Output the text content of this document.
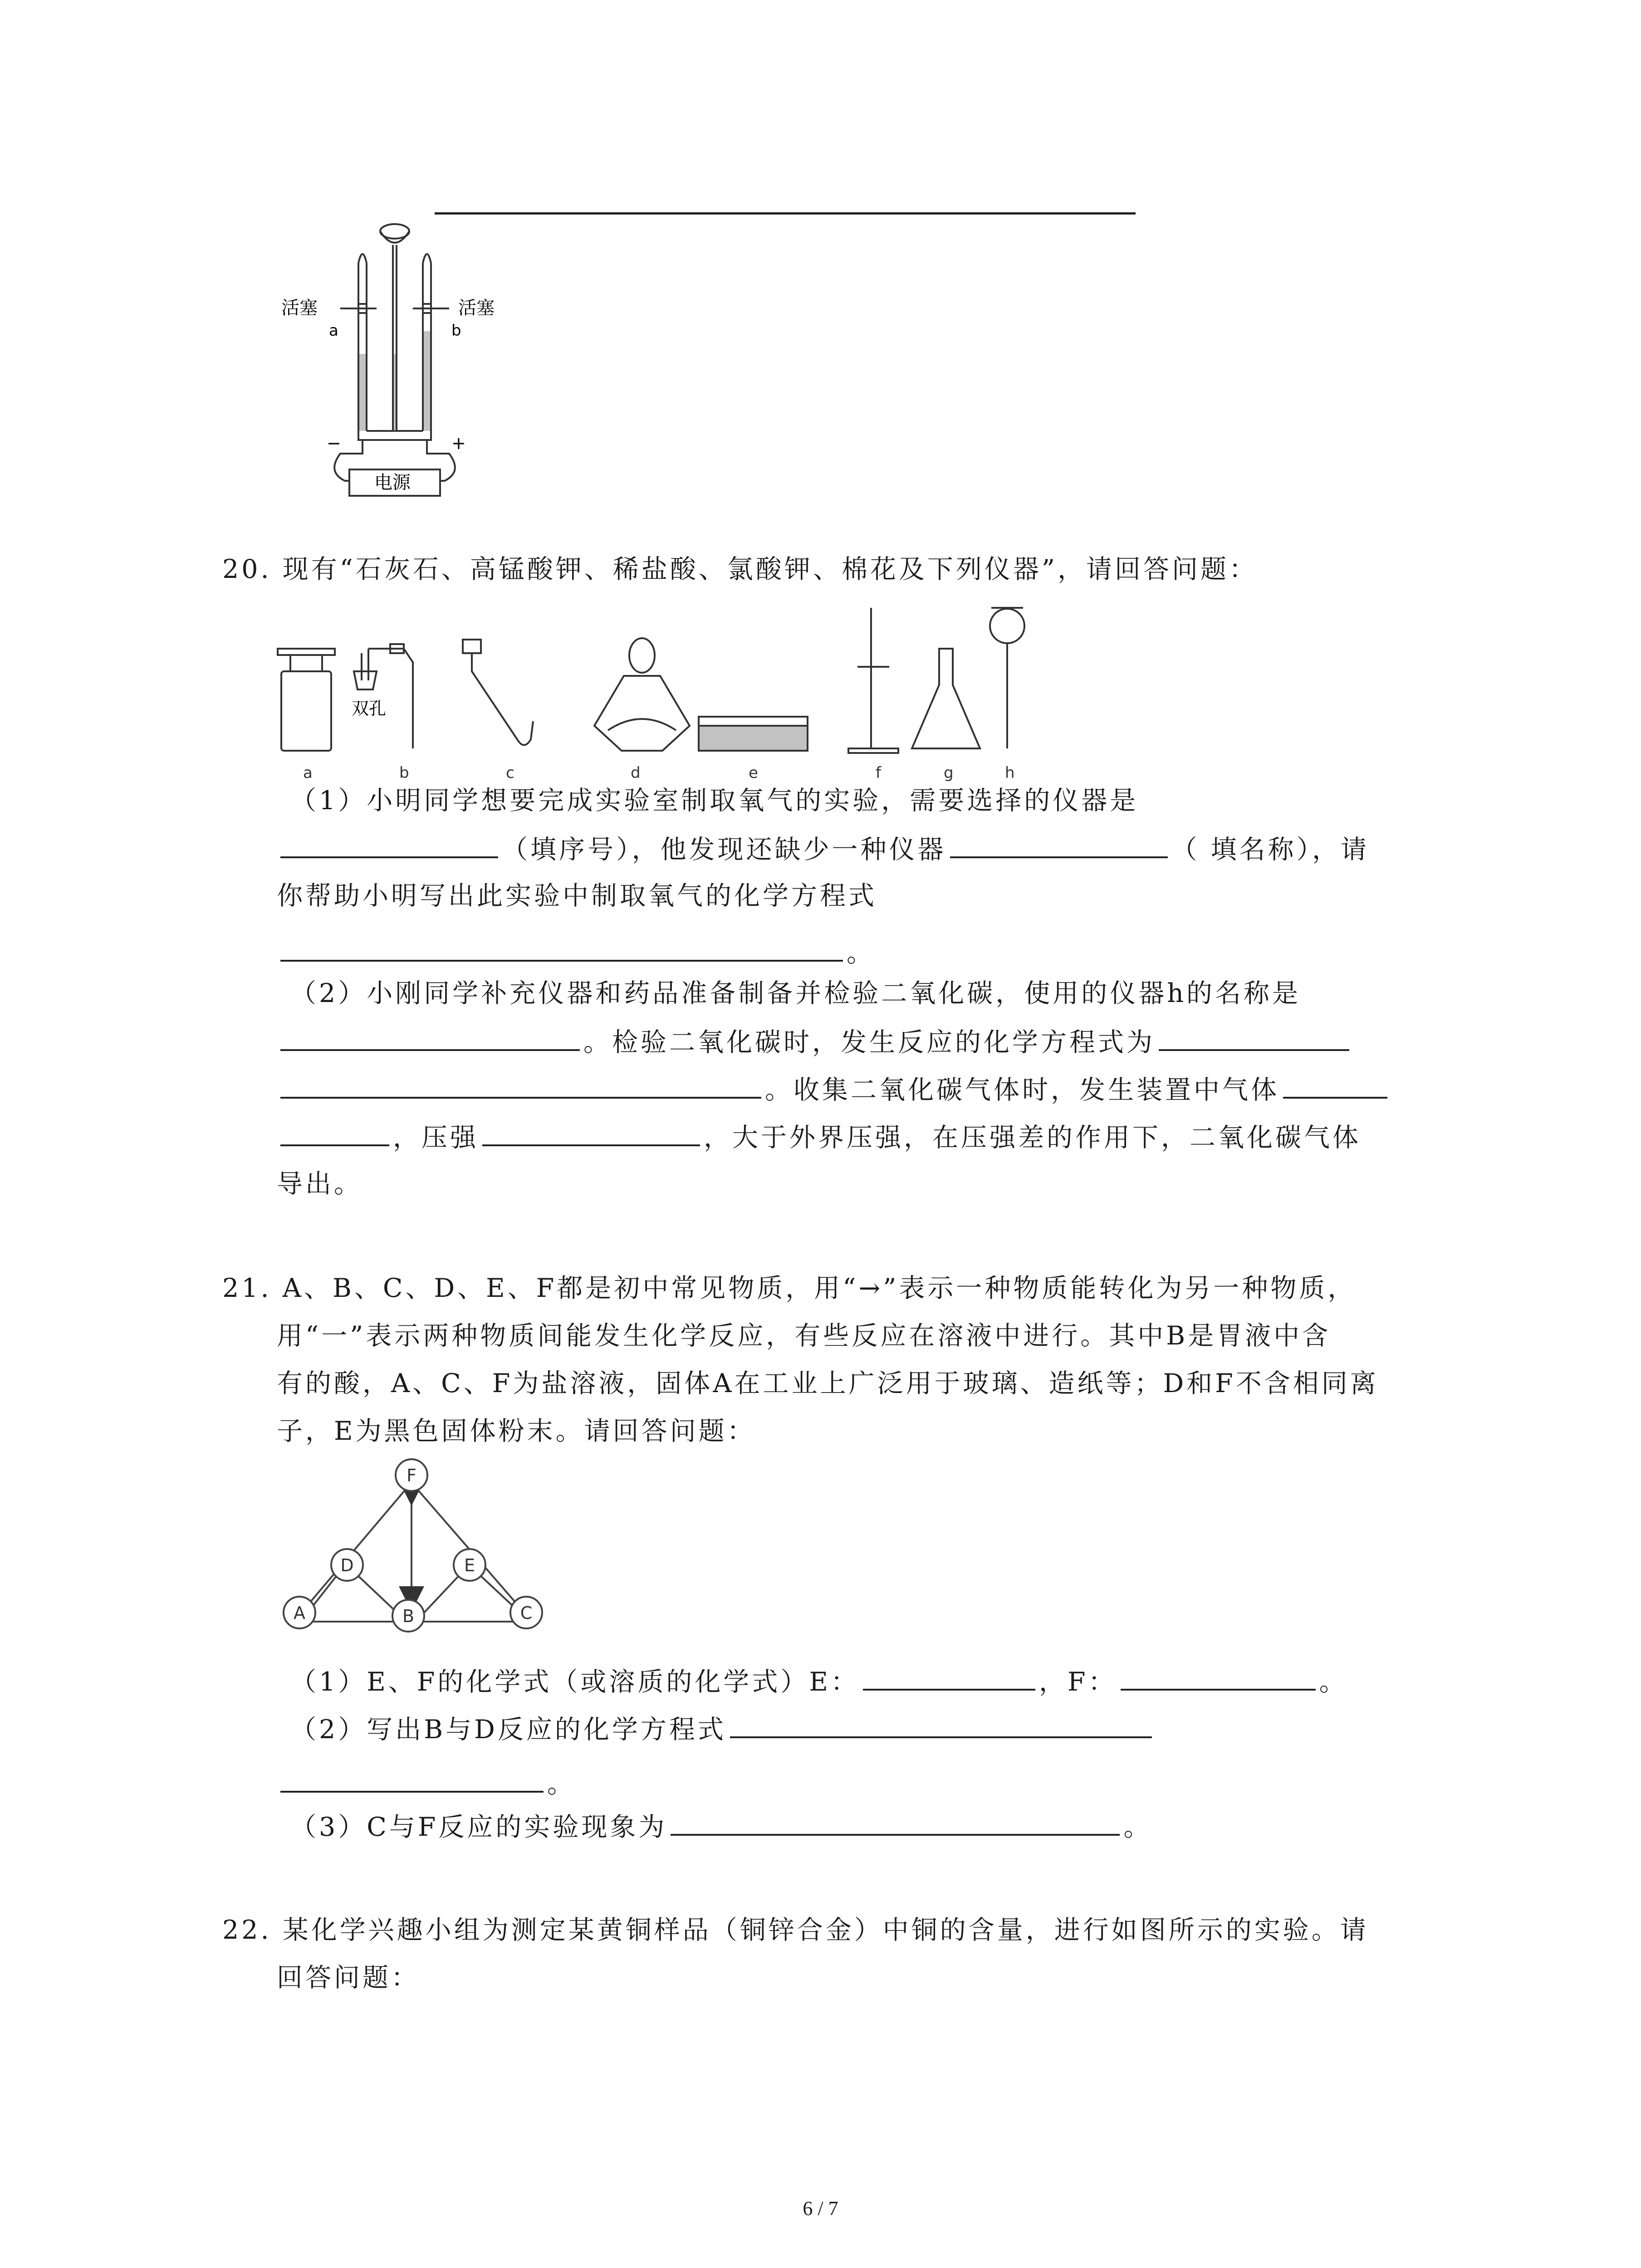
活塞	活塞
a	b
−	+
电源
20. 现有“石灰石、高锰酸钾、稀盐酸、氯酸钾、棉花及下列仪器”，请回答问题：
双孔
a	b	c	d	e	f	g	h
（1）小明同学想要完成实验室制取氧气的实验，需要选择的仪器是
（填序号），他发现还缺少一种仪器	（ 填名称），请
你帮助小明写出此实验中制取氧气的化学方程式
。
（2）小刚同学补充仪器和药品准备制备并检验二氧化碳，使用的仪器h的名称是
。检验二氧化碳时，发生反应的化学方程式为
。收集二氧化碳气体时，发生装置中气体
，压强	，大于外界压强，在压强差的作用下，二氧化碳气体
导出。
21. A、B、C、D、E、F都是初中常见物质，用“→”表示一种物质能转化为另一种物质，
用“一”表示两种物质间能发生化学反应，有些反应在溶液中进行。其中B是胃液中含
有的酸，A、C、F为盐溶液，固体A在工业上广泛用于玻璃、造纸等；D和F不含相同离
子，E为黑色固体粉末。请回答问题：
F
D	E
A	B	C
（1）E、F的化学式（或溶质的化学式）E：	，F：	。
（2）写出B与D反应的化学方程式
。
（3）C与F反应的实验现象为	。
22. 某化学兴趣小组为测定某黄铜样品（铜锌合金）中铜的含量，进行如图所示的实验。请
回答问题：
6 / 7
